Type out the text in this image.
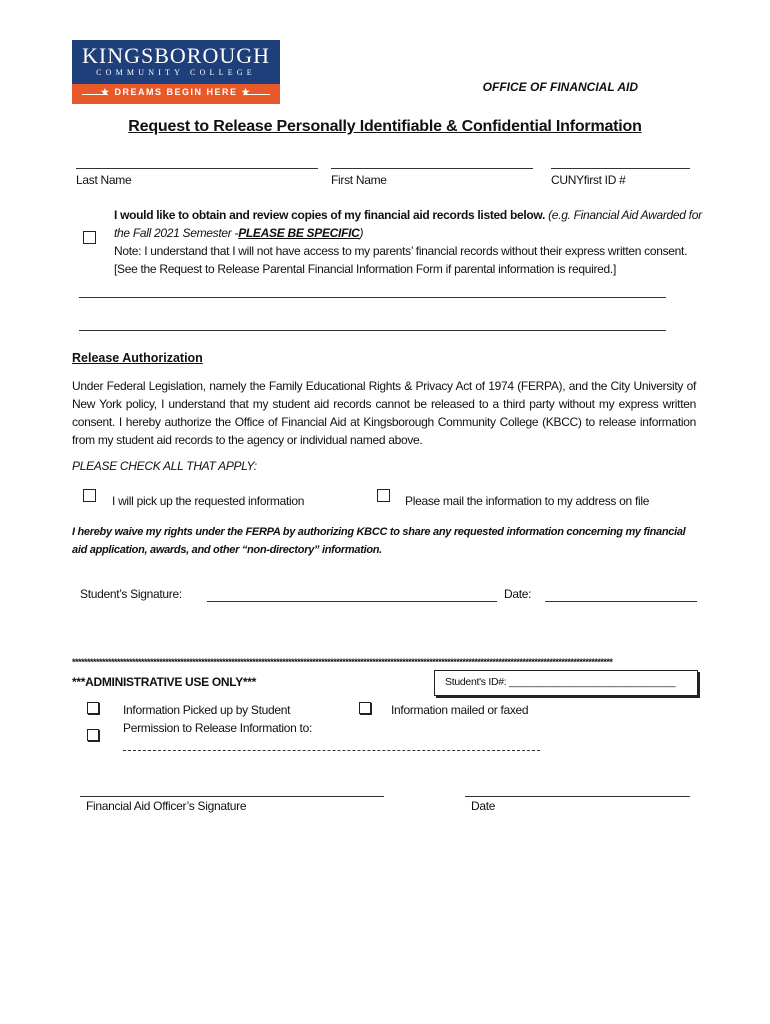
KINGSBOROUGH
COMMUNITY COLLEGE
★ DREAMS BEGIN HERE ★	OFFICE OF FINANCIAL AID
Request to Release Personally Identifiable & Confidential Information
Last Name	First Name	CUNYfirst ID #
I would like to obtain and review copies of my financial aid records listed below. (e.g. Financial Aid Awarded for the Fall 2021 Semester -PLEASE BE SPECIFIC)
Note: I understand that I will not have access to my parents’ financial records without their express written consent. [See the Request to Release Parental Financial Information Form if parental information is required.]
Release Authorization
Under Federal Legislation, namely the Family Educational Rights & Privacy Act of 1974 (FERPA), and the City University of New York policy, I understand that my student aid records cannot be released to a third party without my express written consent. I hereby authorize the Office of Financial Aid at Kingsborough Community College (KBCC) to release information from my student aid records to the agency or individual named above.
PLEASE CHECK ALL THAT APPLY:
I will pick up the requested information	Please mail the information to my address on file
I hereby waive my rights under the FERPA by authorizing KBCC to share any requested information concerning my financial aid application, awards, and other “non-directory” information.
Student’s Signature:	Date:
************************************************************************************************************************************************************************************
***ADMINISTRATIVE USE ONLY***	Student's ID#: ______________________________
Information Picked up by Student	Information mailed or faxed
Permission to Release Information to:
Financial Aid Officer’s Signature	Date
